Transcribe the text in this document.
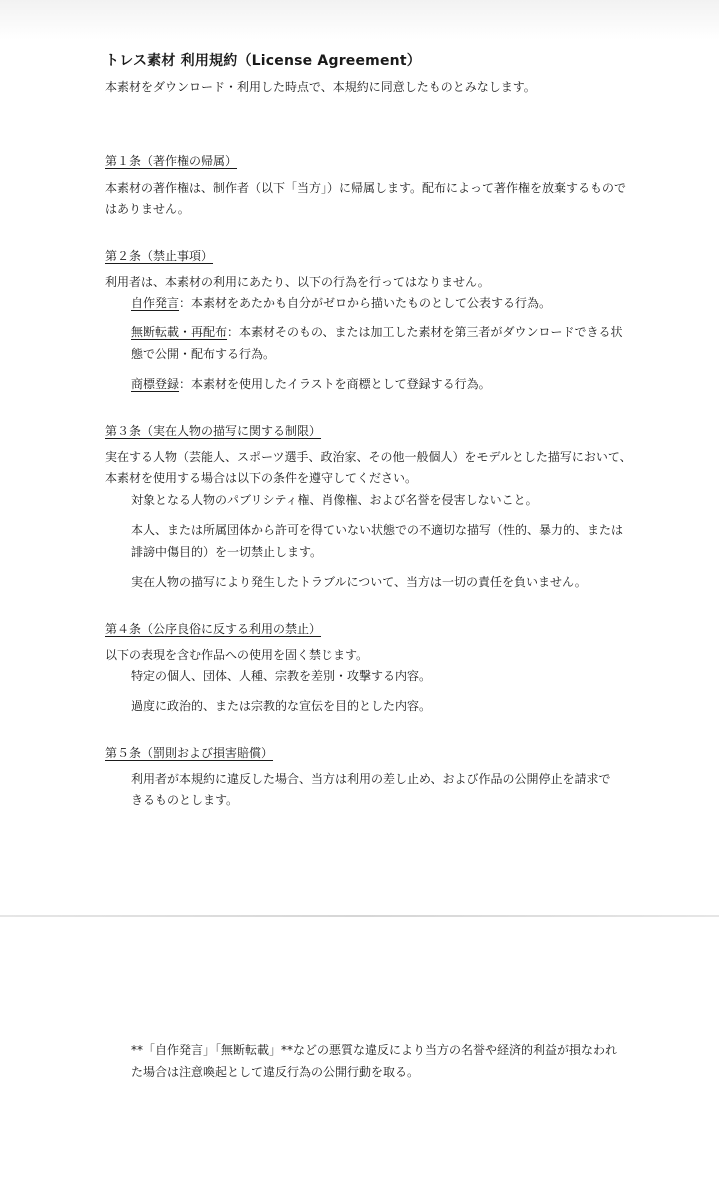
トレス素材 利用規約（License Agreement）
本素材をダウンロード・利用した時点で、本規約に同意したものとみなします。
第１条（著作権の帰属）
本素材の著作権は、制作者（以下「当方」）に帰属します。配布によって著作権を放棄するもので
はありません。
第２条（禁止事項）
利用者は、本素材の利用にあたり、以下の行為を行ってはなりません。
自作発言：本素材をあたかも自分がゼロから描いたものとして公表する行為。
無断転載・再配布：本素材そのもの、または加工した素材を第三者がダウンロードできる状
態で公開・配布する行為。
商標登録：本素材を使用したイラストを商標として登録する行為。
第３条（実在人物の描写に関する制限）
実在する人物（芸能人、スポーツ選手、政治家、その他一般個人）をモデルとした描写において、
本素材を使用する場合は以下の条件を遵守してください。
対象となる人物のパブリシティ権、肖像権、および名誉を侵害しないこと。
本人、または所属団体から許可を得ていない状態での不適切な描写（性的、暴力的、または
誹謗中傷目的）を一切禁止します。
実在人物の描写により発生したトラブルについて、当方は一切の責任を負いません。
第４条（公序良俗に反する利用の禁止）
以下の表現を含む作品への使用を固く禁じます。
特定の個人、団体、人種、宗教を差別・攻撃する内容。
過度に政治的、または宗教的な宣伝を目的とした内容。
第５条（罰則および損害賠償）
利用者が本規約に違反した場合、当方は利用の差し止め、および作品の公開停止を請求で
きるものとします。
**「自作発言」「無断転載」**などの悪質な違反により当方の名誉や経済的利益が損なわれ
た場合は注意喚起として違反行為の公開行動を取る。
